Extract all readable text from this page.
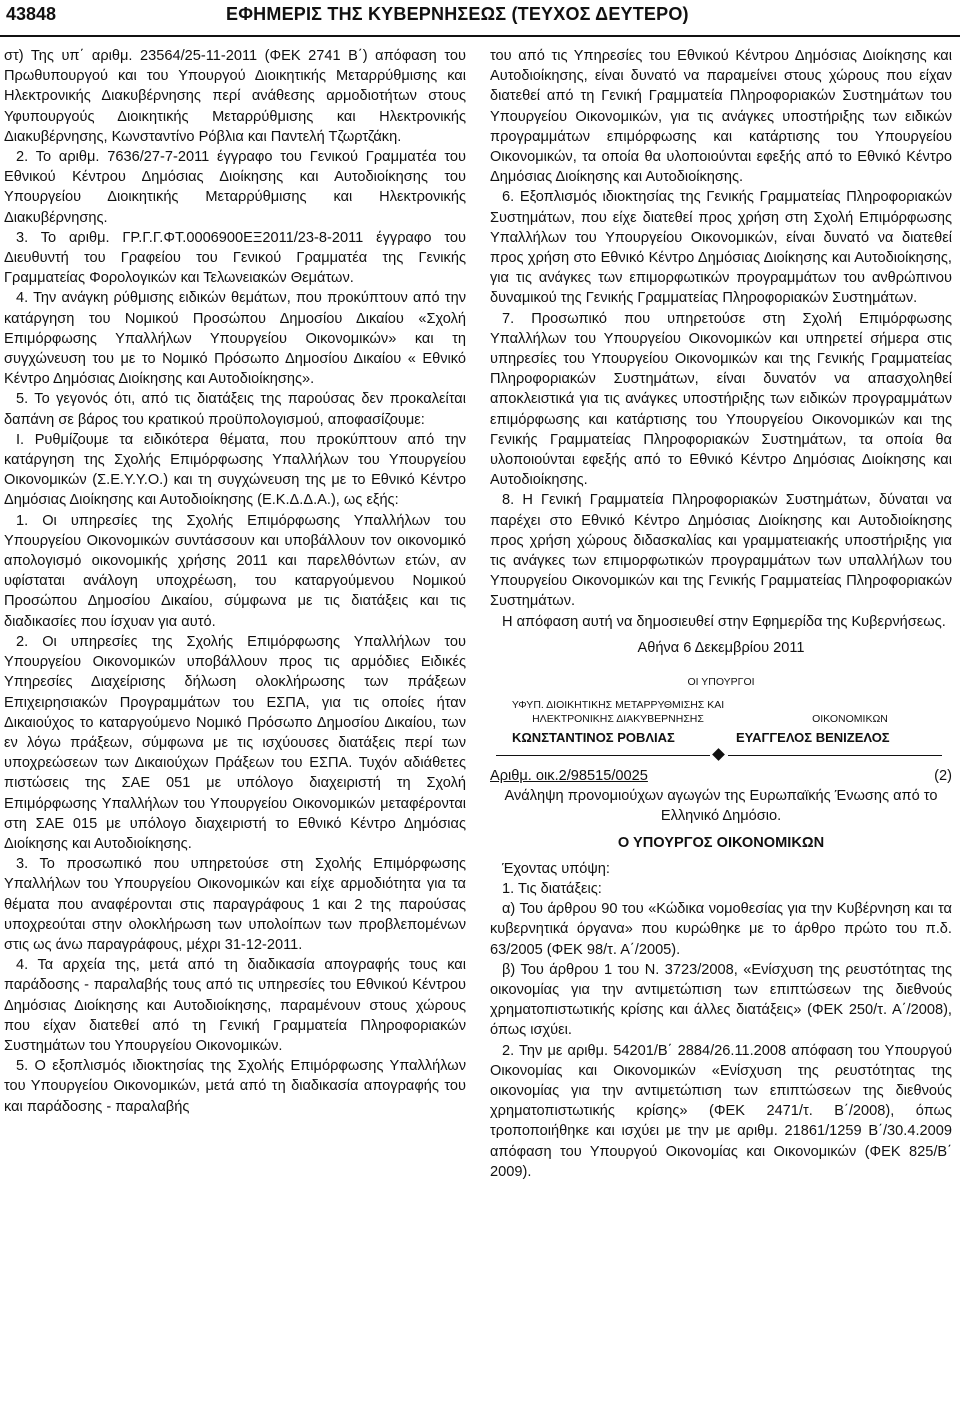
43848	ΕΦΗΜΕΡΙΣ ΤΗΣ ΚΥΒΕΡΝΗΣΕΩΣ (ΤΕΥΧΟΣ ΔΕΥΤΕΡΟ)

στ) Της υπ΄ αριθμ. 23564/25-11-2011 (ΦΕΚ 2741 Β΄) απόφαση του Πρωθυπουργού και του Υπουργού Διοικητικής Μεταρρύθμισης και Ηλεκτρονικής Διακυβέρνησης περί ανάθεσης αρμοδιοτήτων στους Υφυπουργούς Διοικητικής Μεταρρύθμισης και Ηλεκτρονικής Διακυβέρνησης, Κωνσταντίνο Ρόβλια και Παντελή Τζωρτζάκη.

2. Το αριθμ. 7636/27-7-2011 έγγραφο του Γενικού Γραμματέα του Εθνικού Κέντρου Δημόσιας Διοίκησης και Αυτοδιοίκησης του Υπουργείου Διοικητικής Μεταρρύθμισης και Ηλεκτρονικής Διακυβέρνησης.

3. Το αριθμ. ΓΡ.Γ.Γ.ΦΤ.0006900ΕΞ2011/23-8-2011 έγγραφο του Διευθυντή του Γραφείου του Γενικού Γραμματέα της Γενικής Γραμματείας Φορολογικών και Τελωνειακών Θεμάτων.

4. Την ανάγκη ρύθμισης ειδικών θεμάτων, που προκύπτουν από την κατάργηση του Νομικού Προσώπου Δημοσίου Δικαίου «Σχολή Επιμόρφωσης Υπαλλήλων Υπουργείου Οικονομικών» και τη συγχώνευση του με το Νομικό Πρόσωπο Δημοσίου Δικαίου « Εθνικό Κέντρο Δημόσιας Διοίκησης και Αυτοδιοίκησης».

5. Το γεγονός ότι, από τις διατάξεις της παρούσας δεν προκαλείται δαπάνη σε βάρος του κρατικού προϋπολογισμού, αποφασίζουμε:

Ι. Ρυθμίζουμε τα ειδικότερα θέματα, που προκύπτουν από την κατάργηση της Σχολής Επιμόρφωσης Υπαλλήλων του Υπουργείου Οικονομικών (Σ.Ε.Υ.Υ.Ο.) και τη συγχώνευση της με το Εθνικό Κέντρο Δημόσιας Διοίκησης και Αυτοδιοίκησης (Ε.Κ.Δ.Δ.Α.), ως εξής:

1. Οι υπηρεσίες της Σχολής Επιμόρφωσης Υπαλλήλων του Υπουργείου Οικονομικών συντάσσουν και υποβάλλουν τον οικονομικό απολογισμό οικονομικής χρήσης 2011 και παρελθόντων ετών, αν υφίσταται ανάλογη υποχρέωση, του καταργούμενου Νομικού Προσώπου Δημοσίου Δικαίου, σύμφωνα με τις διατάξεις και τις διαδικασίες που ίσχυαν για αυτό.

2. Οι υπηρεσίες της Σχολής Επιμόρφωσης Υπαλλήλων του Υπουργείου Οικονομικών υποβάλλουν προς τις αρμόδιες Ειδικές Υπηρεσίες Διαχείρισης δήλωση ολοκλήρωσης των πράξεων Επιχειρησιακών Προγραμμάτων του ΕΣΠΑ, για τις οποίες ήταν Δικαιούχος το καταργούμενο Νομικό Πρόσωπο Δημοσίου Δικαίου, των εν λόγω πράξεων, σύμφωνα με τις ισχύουσες διατάξεις περί των υποχρεώσεων των Δικαιούχων Πράξεων του ΕΣΠΑ. Τυχόν αδιάθετες πιστώσεις της ΣΑΕ 051 με υπόλογο διαχειριστή τη Σχολή Επιμόρφωσης Υπαλλήλων του Υπουργείου Οικονομικών μεταφέρονται στη ΣΑΕ 015 με υπόλογο διαχειριστή το Εθνικό Κέντρο Δημόσιας Διοίκησης και Αυτοδιοίκησης.

3. Το προσωπικό που υπηρετούσε στη Σχολής Επιμόρφωσης Υπαλλήλων του Υπουργείου Οικονομικών και είχε αρμοδιότητα για τα θέματα που αναφέρονται στις παραγράφους 1 και 2 της παρούσας υποχρεούται στην ολοκλήρωση των υπολοίπων των προβλεπομένων στις ως άνω παραγράφους, μέχρι 31-12-2011.

4. Τα αρχεία της, μετά από τη διαδικασία απογραφής τους και παράδοσης - παραλαβής τους από τις υπηρεσίες του Εθνικού Κέντρου Δημόσιας Διοίκησης και Αυτοδιοίκησης, παραμένουν στους χώρους που είχαν διατεθεί από τη Γενική Γραμματεία Πληροφοριακών Συστημάτων του Υπουργείου Οικονομικών.

5. Ο εξοπλισμός ιδιοκτησίας της Σχολής Επιμόρφωσης Υπαλλήλων του Υπουργείου Οικονομικών, μετά από τη διαδικασία απογραφής του και παράδοσης - παραλαβής

του από τις Υπηρεσίες του Εθνικού Κέντρου Δημόσιας Διοίκησης και Αυτοδιοίκησης, είναι δυνατό να παραμείνει στους χώρους που είχαν διατεθεί από τη Γενική Γραμματεία Πληροφοριακών Συστημάτων του Υπουργείου Οικονομικών, για τις ανάγκες υποστήριξης των ειδικών προγραμμάτων επιμόρφωσης και κατάρτισης του Υπουργείου Οικονομικών, τα οποία θα υλοποιούνται εφεξής από το Εθνικό Κέντρο Δημόσιας Διοίκησης και Αυτοδιοίκησης.

6. Εξοπλισμός ιδιοκτησίας της Γενικής Γραμματείας Πληροφοριακών Συστημάτων, που είχε διατεθεί προς χρήση στη Σχολή Επιμόρφωσης Υπαλλήλων του Υπουργείου Οικονομικών, είναι δυνατό να διατεθεί προς χρήση στο Εθνικό Κέντρο Δημόσιας Διοίκησης και Αυτοδιοίκησης, για τις ανάγκες των επιμορφωτικών προγραμμάτων του ανθρώπινου δυναμικού της Γενικής Γραμματείας Πληροφοριακών Συστημάτων.

7. Προσωπικό που υπηρετούσε στη Σχολή Επιμόρφωσης Υπαλλήλων του Υπουργείου Οικονομικών και υπηρετεί σήμερα στις υπηρεσίες του Υπουργείου Οικονομικών και της Γενικής Γραμματείας Πληροφοριακών Συστημάτων, είναι δυνατόν να απασχοληθεί αποκλειστικά για τις ανάγκες υποστήριξης των ειδικών προγραμμάτων επιμόρφωσης και κατάρτισης του Υπουργείου Οικονομικών και της Γενικής Γραμματείας Πληροφοριακών Συστημάτων, τα οποία θα υλοποιούνται εφεξής από το Εθνικό Κέντρο Δημόσιας Διοίκησης και Αυτοδιοίκησης.

8. Η Γενική Γραμματεία Πληροφοριακών Συστημάτων, δύναται να παρέχει στο Εθνικό Κέντρο Δημόσιας Διοίκησης και Αυτοδιοίκησης προς χρήση χώρους διδασκαλίας και γραμματειακής υποστήριξης για τις ανάγκες των επιμορφωτικών προγραμμάτων των υπαλλήλων του Υπουργείου Οικονομικών και της Γενικής Γραμματείας Πληροφοριακών Συστημάτων.

Η απόφαση αυτή να δημοσιευθεί στην Εφημερίδα της Κυβερνήσεως.

Αθήνα 6 Δεκεμβρίου 2011
ΟΙ ΥΠΟΥΡΓΟΙ
ΥΦΥΠ. ΔΙΟΙΚΗΤΙΚΗΣ ΜΕΤΑΡΡΥΘΜΙΣΗΣ ΚΑΙ
ΗΛΕΚΤΡΟΝΙΚΗΣ ΔΙΑΚΥΒΕΡΝΗΣΗΣ	ΟΙΚΟΝΟΜΙΚΩΝ
ΚΩΝΣΤΑΝΤΙΝΟΣ ΡΟΒΛΙΑΣ	ΕΥΑΓΓΕΛΟΣ ΒΕΝΙΖΕΛΟΣ
Αριθμ. οικ.2/98515/0025	(2)

Ανάληψη προνομιούχων αγωγών της Ευρωπαϊκής Ένωσης από το Ελληνικό Δημόσιο.

Ο ΥΠΟΥΡΓΟΣ ΟΙΚΟΝΟΜΙΚΩΝ

Έχοντας υπόψη:

1. Τις διατάξεις:

α) Του άρθρου 90 του «Κώδικα νομοθεσίας για την Κυβέρνηση και τα κυβερνητικά όργανα» που κυρώθηκε με το άρθρο πρώτο του π.δ. 63/2005 (ΦΕΚ 98/τ. Α΄/2005).

β) Του άρθρου 1 του Ν. 3723/2008, «Ενίσχυση της ρευστότητας της οικονομίας για την αντιμετώπιση των επιπτώσεων της διεθνούς χρηματοπιστωτικής κρίσης και άλλες διατάξεις» (ΦΕΚ 250/τ. Α΄/2008), όπως ισχύει.

2. Την με αριθμ. 54201/Β΄ 2884/26.11.2008 απόφαση του Υπουργού Οικονομίας και Οικονομικών «Ενίσχυση της ρευστότητας της οικονομίας για την αντιμετώπιση των επιπτώσεων της διεθνούς χρηματοπιστωτικής κρίσης» (ΦΕΚ 2471/τ. Β΄/2008), όπως τροποποιήθηκε και ισχύει με την με αριθμ. 21861/1259 Β΄/30.4.2009 απόφαση του Υπουργού Οικονομίας και Οικονομικών (ΦΕΚ 825/Β΄ 2009).
